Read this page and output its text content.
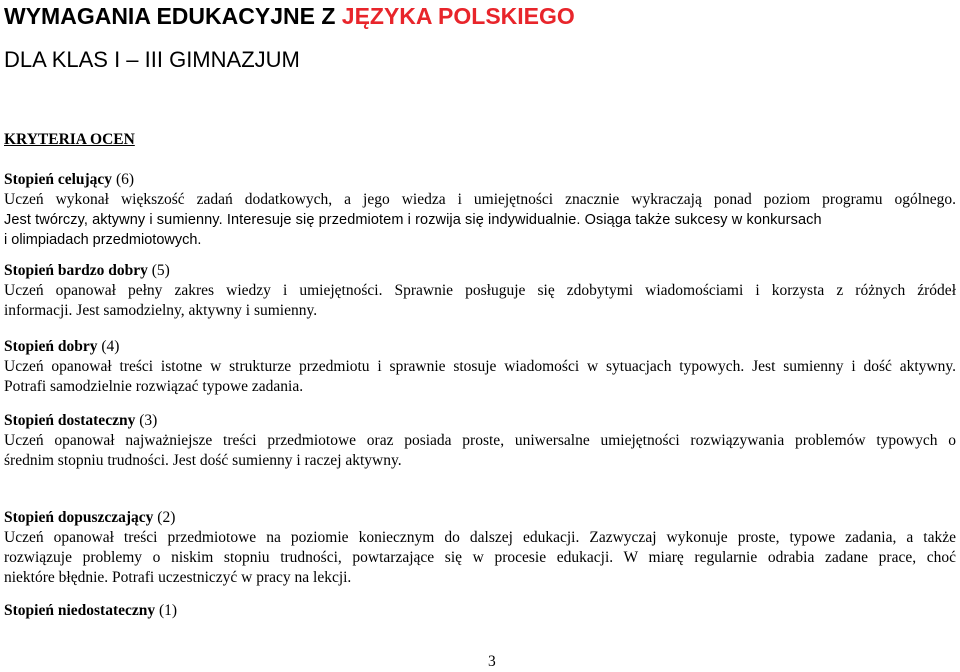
WYMAGANIA EDUKACYJNE Z JĘZYKA POLSKIEGO
DLA KLAS I – III GIMNAZJUM
KRYTERIA OCEN

Stopień celujący (6)

Uczeń wykonał większość zadań dodatkowych, a jego wiedza i umiejętności znacznie wykraczają ponad poziom programu ogólnego.

Jest twórczy, aktywny i sumienny. Interesuje się przedmiotem i rozwija się indywidualnie. Osiąga także sukcesy w konkursach

i olimpiadach przedmiotowych.

Stopień bardzo dobry (5)

Uczeń opanował pełny zakres wiedzy i umiejętności. Sprawnie posługuje się zdobytymi wiadomościami i korzysta z różnych źródeł

informacji. Jest samodzielny, aktywny i sumienny.

Stopień dobry (4)

Uczeń opanował treści istotne w strukturze przedmiotu i sprawnie stosuje wiadomości w sytuacjach typowych. Jest sumienny i dość aktywny.

Potrafi samodzielnie rozwiązać typowe zadania.

Stopień dostateczny (3)

Uczeń opanował najważniejsze treści przedmiotowe oraz posiada proste, uniwersalne umiejętności rozwiązywania problemów typowych o

średnim stopniu trudności. Jest dość sumienny i raczej aktywny.

Stopień dopuszczający (2)

Uczeń opanował treści przedmiotowe na poziomie koniecznym do dalszej edukacji. Zazwyczaj wykonuje proste, typowe zadania, a także

rozwiązuje problemy o niskim stopniu trudności, powtarzające się w procesie edukacji. W miarę regularnie odrabia zadane prace, choć

niektóre błędnie. Potrafi uczestniczyć w pracy na lekcji.

Stopień niedostateczny (1)

3
